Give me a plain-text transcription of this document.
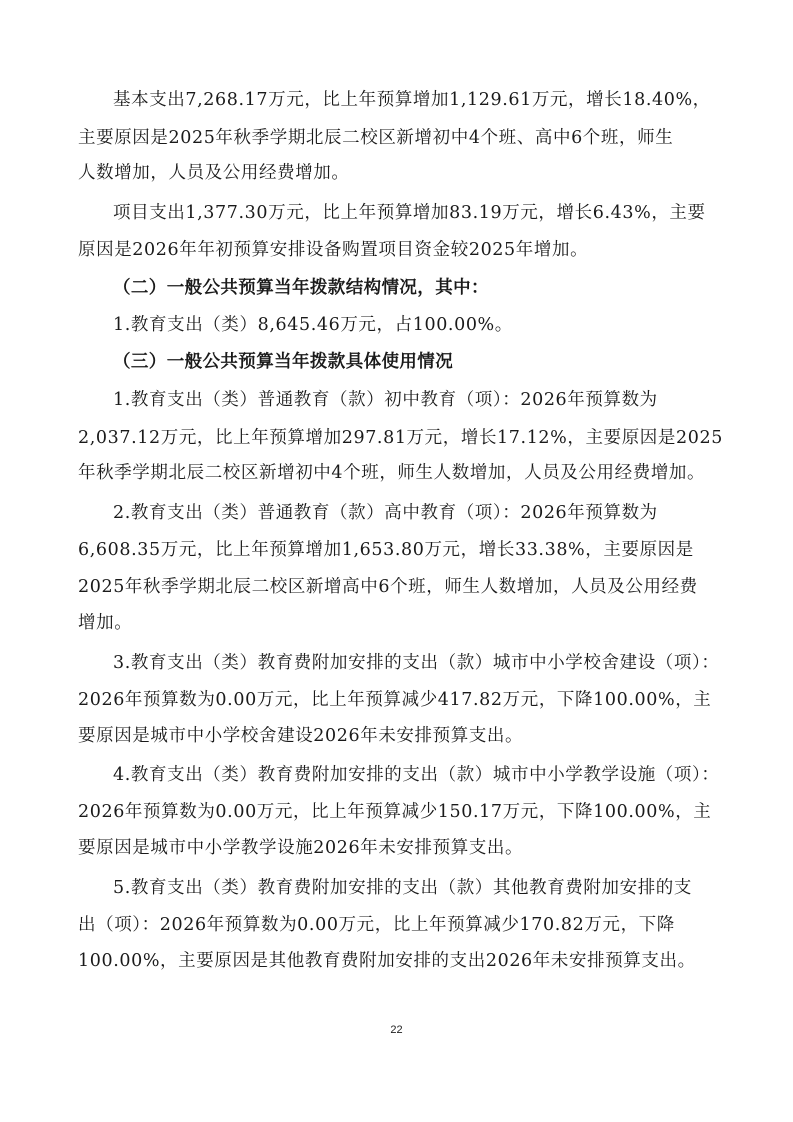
基本支出7,268.17万元，比上年预算增加1,129.61万元，增长18.40%，
主要原因是2025年秋季学期北辰二校区新增初中4个班、高中6个班，师生
人数增加，人员及公用经费增加。
项目支出1,377.30万元，比上年预算增加83.19万元，增长6.43%，主要
原因是2026年年初预算安排设备购置项目资金较2025年增加。
（二）一般公共预算当年拨款结构情况，其中：
1.教育支出（类）8,645.46万元，占100.00%。
（三）一般公共预算当年拨款具体使用情况
1.教育支出（类）普通教育（款）初中教育（项）：2026年预算数为
2,037.12万元，比上年预算增加297.81万元，增长17.12%，主要原因是2025
年秋季学期北辰二校区新增初中4个班，师生人数增加，人员及公用经费增加。
2.教育支出（类）普通教育（款）高中教育（项）：2026年预算数为
6,608.35万元，比上年预算增加1,653.80万元，增长33.38%，主要原因是
2025年秋季学期北辰二校区新增高中6个班，师生人数增加，人员及公用经费
增加。
3.教育支出（类）教育费附加安排的支出（款）城市中小学校舍建设（项）：
2026年预算数为0.00万元，比上年预算减少417.82万元，下降100.00%，主
要原因是城市中小学校舍建设2026年未安排预算支出。
4.教育支出（类）教育费附加安排的支出（款）城市中小学教学设施（项）：
2026年预算数为0.00万元，比上年预算减少150.17万元，下降100.00%，主
要原因是城市中小学教学设施2026年未安排预算支出。
5.教育支出（类）教育费附加安排的支出（款）其他教育费附加安排的支
出（项）：2026年预算数为0.00万元，比上年预算减少170.82万元，下降
100.00%，主要原因是其他教育费附加安排的支出2026年未安排预算支出。
22
